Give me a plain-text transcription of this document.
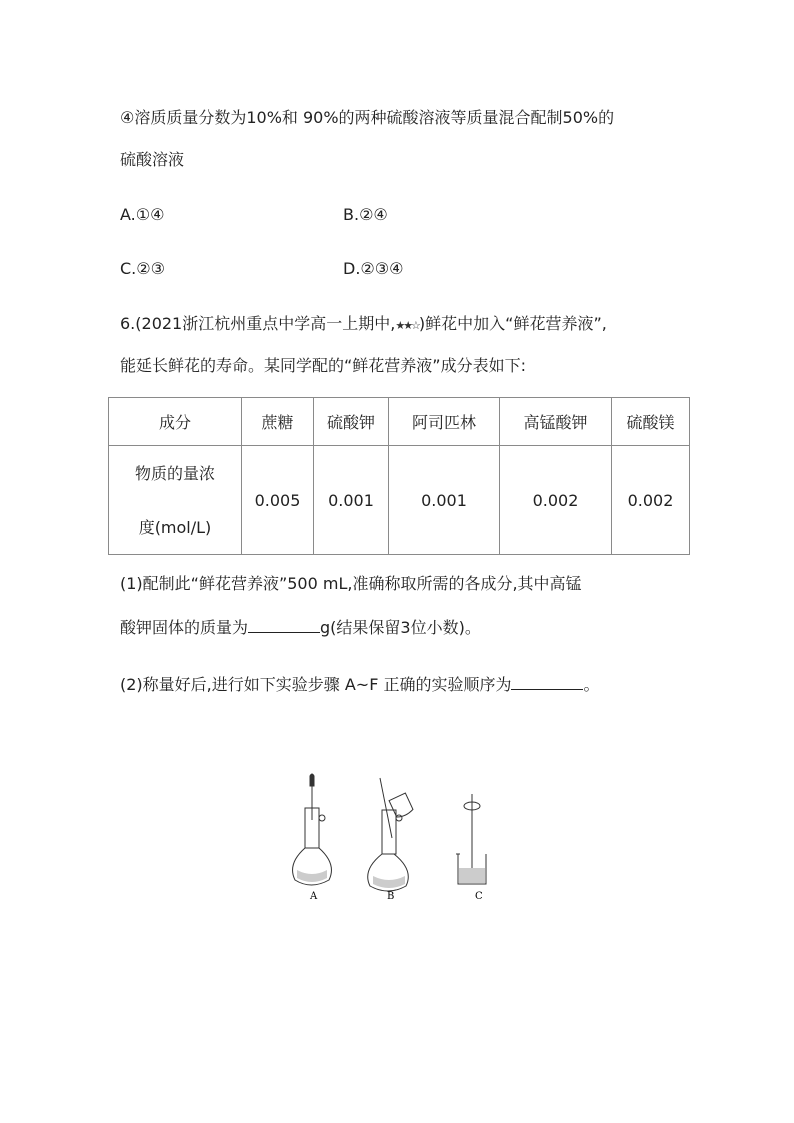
④溶质质量分数为10%和 90%的两种硫酸溶液等质量混合配制50%的
硫酸溶液
A.①④	B.②④
C.②③	D.②③④
6.(2021浙江杭州重点中学高一上期中,★★☆)鲜花中加入“鲜花营养液”,
能延长鲜花的寿命。某同学配的“鲜花营养液”成分表如下:
成分	蔗糖	硫酸钾	阿司匹林	高锰酸钾	硫酸镁

物质的量浓
度(mol/L)	0.005	0.001	0.001	0.002	0.002
(1)配制此“鲜花营养液”500 mL,准确称取所需的各成分,其中高锰
酸钾固体的质量为	g(结果保留3位小数)。
(2)称量好后,进行如下实验步骤 A~F 正确的实验顺序为	。
A	B	C
